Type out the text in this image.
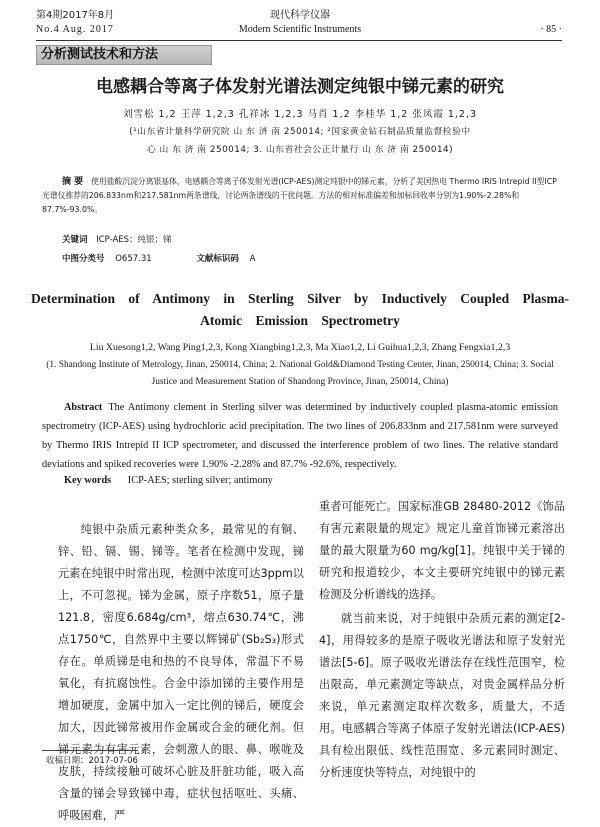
第4期2017年8月
No.4 Aug. 2017
现代科学仪器
Modern Scientific Instruments	· 85 ·
分析测试技术和方法
电感耦合等离子体发射光谱法测定纯银中锑元素的研究
刘雪松 1,2 王萍 1,2,3 孔祥冰 1,2,3 马肖 1,2 李桂华 1,2 张凤霞 1,2,3
(¹山东省计量科学研究院 山 东 济 南 250014; ²国家黄金钻石制品质量监督检验中
心 山 东 济 南 250014; 3. 山东省社会公正计量行 山 东 济 南 250014)
摘 要 使用盐酸沉淀分离银基体，电感耦合等离子体发射光谱(ICP-AES)测定纯银中的锑元素，分析了美国热电 Thermo IRIS Intrepid II型ICP光谱仪推荐的206.833nm和217.581nm两条谱线，讨论两条谱线的干扰问题。方法的相对标准偏差和加标回收率分别为1.90%-2.28%和87.7%-93.0%。
关键词 ICP-AES；纯银；锑
中图分类号 O657.31	文献标识码 A
Determination of Antimony in Sterling Silver by Inductively Coupled Plasma-
Atomic Emission Spectrometry
Liu Xuesong1,2, Wang Ping1,2,3, Kong Xiangbing1,2,3, Ma Xiao1,2, Li Guihua1,2,3, Zhang Fengxia1,2,3
(1. Shandong Institute of Metrology, Jinan, 250014, China; 2. National Gold&Diamond Testing Center, Jinan, 250014, China; 3. Social
Justice and Measurement Station of Shandong Province, Jinan, 250014, China)
Abstract The Antimony clement in Sterling silver was determined by inductively coupled plasma-atomic emission spectrometry (ICP-AES) using hydrochloric acid precipitation. The two lines of 206.833nm and 217.581nm were surveyed by Thermo IRIS Intrepid II ICP spectrometer, and discussed the interference problem of two lines. The relative standard deviations and spiked recoveries were 1.90% -2.28% and 87.7% -92.6%, respectively.
Key words ICP-AES; sterling silver; antimony
纯银中杂质元素种类众多，最常见的有铜、锌、铅、镉、锡、锑等。笔者在检测中发现，锑元素在纯银中时常出现，检测中浓度可达3ppm以上，不可忽视。锑为金属，原子序数51，原子量121.8，密度6.684g/cm³，熔点630.74℃，沸点1750℃，自然界中主要以辉锑矿(Sb₂S₃)形式存在。单质锑是电和热的不良导体，常温下不易氧化，有抗腐蚀性。合金中添加锑的主要作用是增加硬度，金属中加入一定比例的锑后，硬度会加大，因此锑常被用作金属或合金的硬化剂。但锑元素为有害元素，会刺激人的眼、鼻、喉咙及皮肤，持续接触可破坏心脏及肝脏功能，吸入高含量的锑会导致锑中毒，症状包括呕吐、头痛、呼吸困难，严
重者可能死亡。国家标准GB 28480-2012《饰品有害元素限量的规定》规定儿童首饰锑元素溶出量的最大限量为60 mg/kg[1]。纯银中关于锑的研究和报道较少，本文主要研究纯银中的锑元素检测及分析谱线的选择。
就当前来说，对于纯银中杂质元素的测定[2-4]，用得较多的是原子吸收光谱法和原子发射光谱法[5-6]。原子吸收光谱法存在线性范围窄，检出限高，单元素测定等缺点，对贵金属样品分析来说，单元素测定取样次数多，质量大，不适用。电感耦合等离子体原子发射光谱法(ICP-AES)具有检出限低、线性范围宽、多元素同时测定、分析速度快等特点，对纯银中的
收稿日期：2017-07-06
